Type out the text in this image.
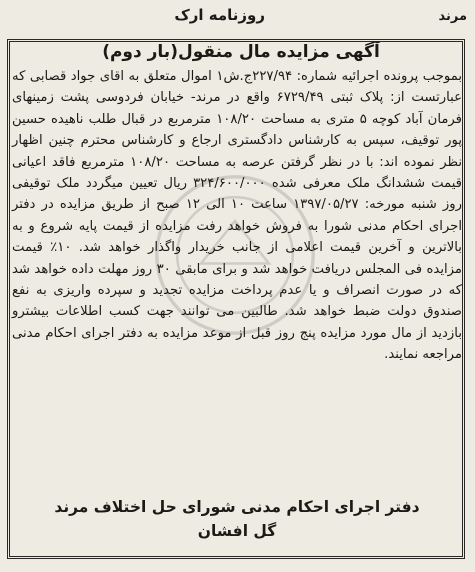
روزنامه ارک	مرند
آگهی مزایده مال منقول(بار دوم)

بموجب پرونده اجرائیه شماره: ۲۲۷/۹۴ج.ش۱ اموال متعلق به اقای جواد قصابی که عبارتست از: پلاک ثبتی ۶۷۲۹/۴۹ واقع در مرند- خیابان فردوسی پشت زمینهای فرمان آباد کوچه ۵ متری به مساحت ۱۰۸/۲۰ مترمربع در قبال طلب ناهیده حسین پور توقیف، سپس به کارشناس دادگستری ارجاع و کارشناس محترم چنین اظهار نظر نموده اند: با در نظر گرفتن عرصه به مساحت ۱۰۸/۲۰ مترمربع فاقد اعیانی قیمت ششدانگ ملک معرفی شده ۳۲۴/۶۰۰/۰۰۰ ریال تعیین میگردد ملک توقیفی روز شنبه مورخه: ۱۳۹۷/۰۵/۲۷ ساعت ۱۰ الی ۱۲ صبح از طریق مزایده در دفتر اجرای احکام مدنی شورا به فروش خواهد رفت مزایده از قیمت پایه شروع و به بالاترین و آخرین قیمت اعلامی از جانب خریدار واگذار خواهد شد. ۱۰٪ قیمت مزایده فی المجلس دریافت خواهد شد و برای مابقی ۳۰ روز مهلت داده خواهد شد که در صورت انصراف و یا عدم پرداخت مزایده تجدید و سپرده واریزی به نفع صندوق دولت ضبط خواهد شد. طالبین می توانند جهت کسب اطلاعات بیشترو بازدید از مال مورد مزایده پنج روز قبل از موعد مزایده به دفتر اجرای احکام مدنی مراجعه نمایند.

دفتر اجرای احکام مدنی شورای حل اختلاف مرند
گل افشان
